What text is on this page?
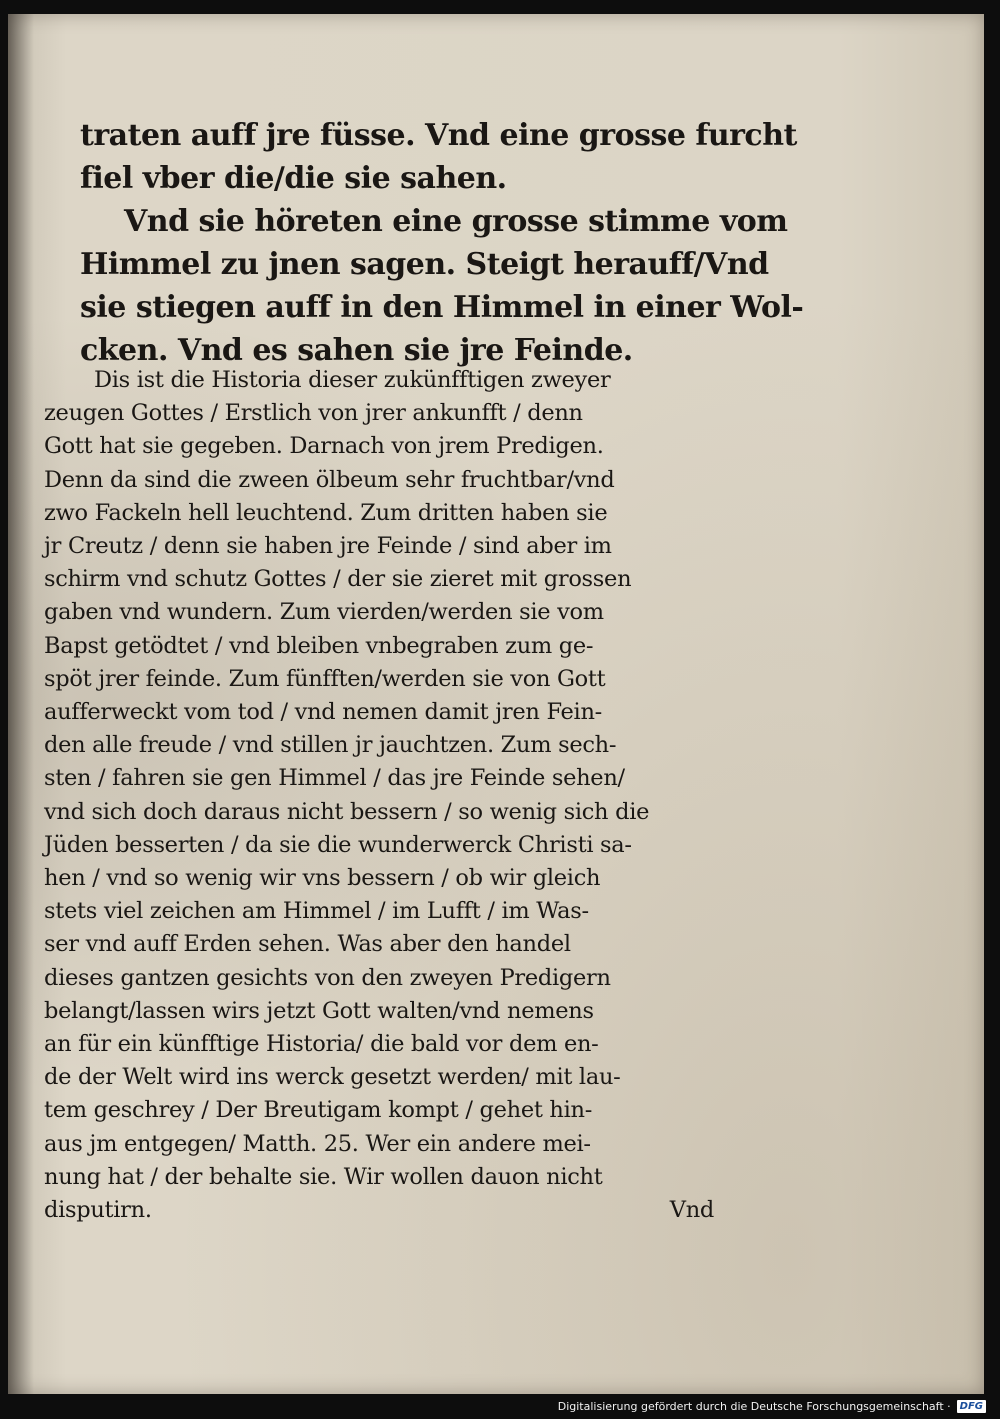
traten auff jre füsse. Vnd eine grosse furcht
fiel vber die/die sie sahen.
Vnd sie höreten eine grosse stimme vom
Himmel zu jnen sagen. Steigt herauff/Vnd
sie stiegen auff in den Himmel in einer Wol-
cken. Vnd es sahen sie jre Feinde.
Dis ist die Historia dieser zukünfftigen zweyer
zeugen Gottes / Erstlich von jrer ankunfft / denn
Gott hat sie gegeben. Darnach von jrem Predigen.
Denn da sind die zween ölbeum sehr fruchtbar/vnd
zwo Fackeln hell leuchtend. Zum dritten haben sie
jr Creutz / denn sie haben jre Feinde / sind aber im
schirm vnd schutz Gottes / der sie zieret mit grossen
gaben vnd wundern. Zum vierden/werden sie vom
Bapst getödtet / vnd bleiben vnbegraben zum ge-
spöt jrer feinde. Zum fünfften/werden sie von Gott
aufferweckt vom tod / vnd nemen damit jren Fein-
den alle freude / vnd stillen jr jauchtzen. Zum sech-
sten / fahren sie gen Himmel / das jre Feinde sehen/
vnd sich doch daraus nicht bessern / so wenig sich die
Jüden besserten / da sie die wunderwerck Christi sa-
hen / vnd so wenig wir vns bessern / ob wir gleich
stets viel zeichen am Himmel / im Lufft / im Was-
ser vnd auff Erden sehen. Was aber den handel
dieses gantzen gesichts von den zweyen Predigern
belangt/lassen wirs jetzt Gott walten/vnd nemens
an für ein künfftige Historia/ die bald vor dem en-
de der Welt wird ins werck gesetzt werden/ mit lau-
tem geschrey / Der Breutigam kompt / gehet hin-
aus jm entgegen/ Matth. 25. Wer ein andere mei-
nung hat / der behalte sie. Wir wollen dauon nicht
disputirn.	Vnd
Digitalisierung gefördert durch die Deutsche Forschungsgemeinschaft · DFG
